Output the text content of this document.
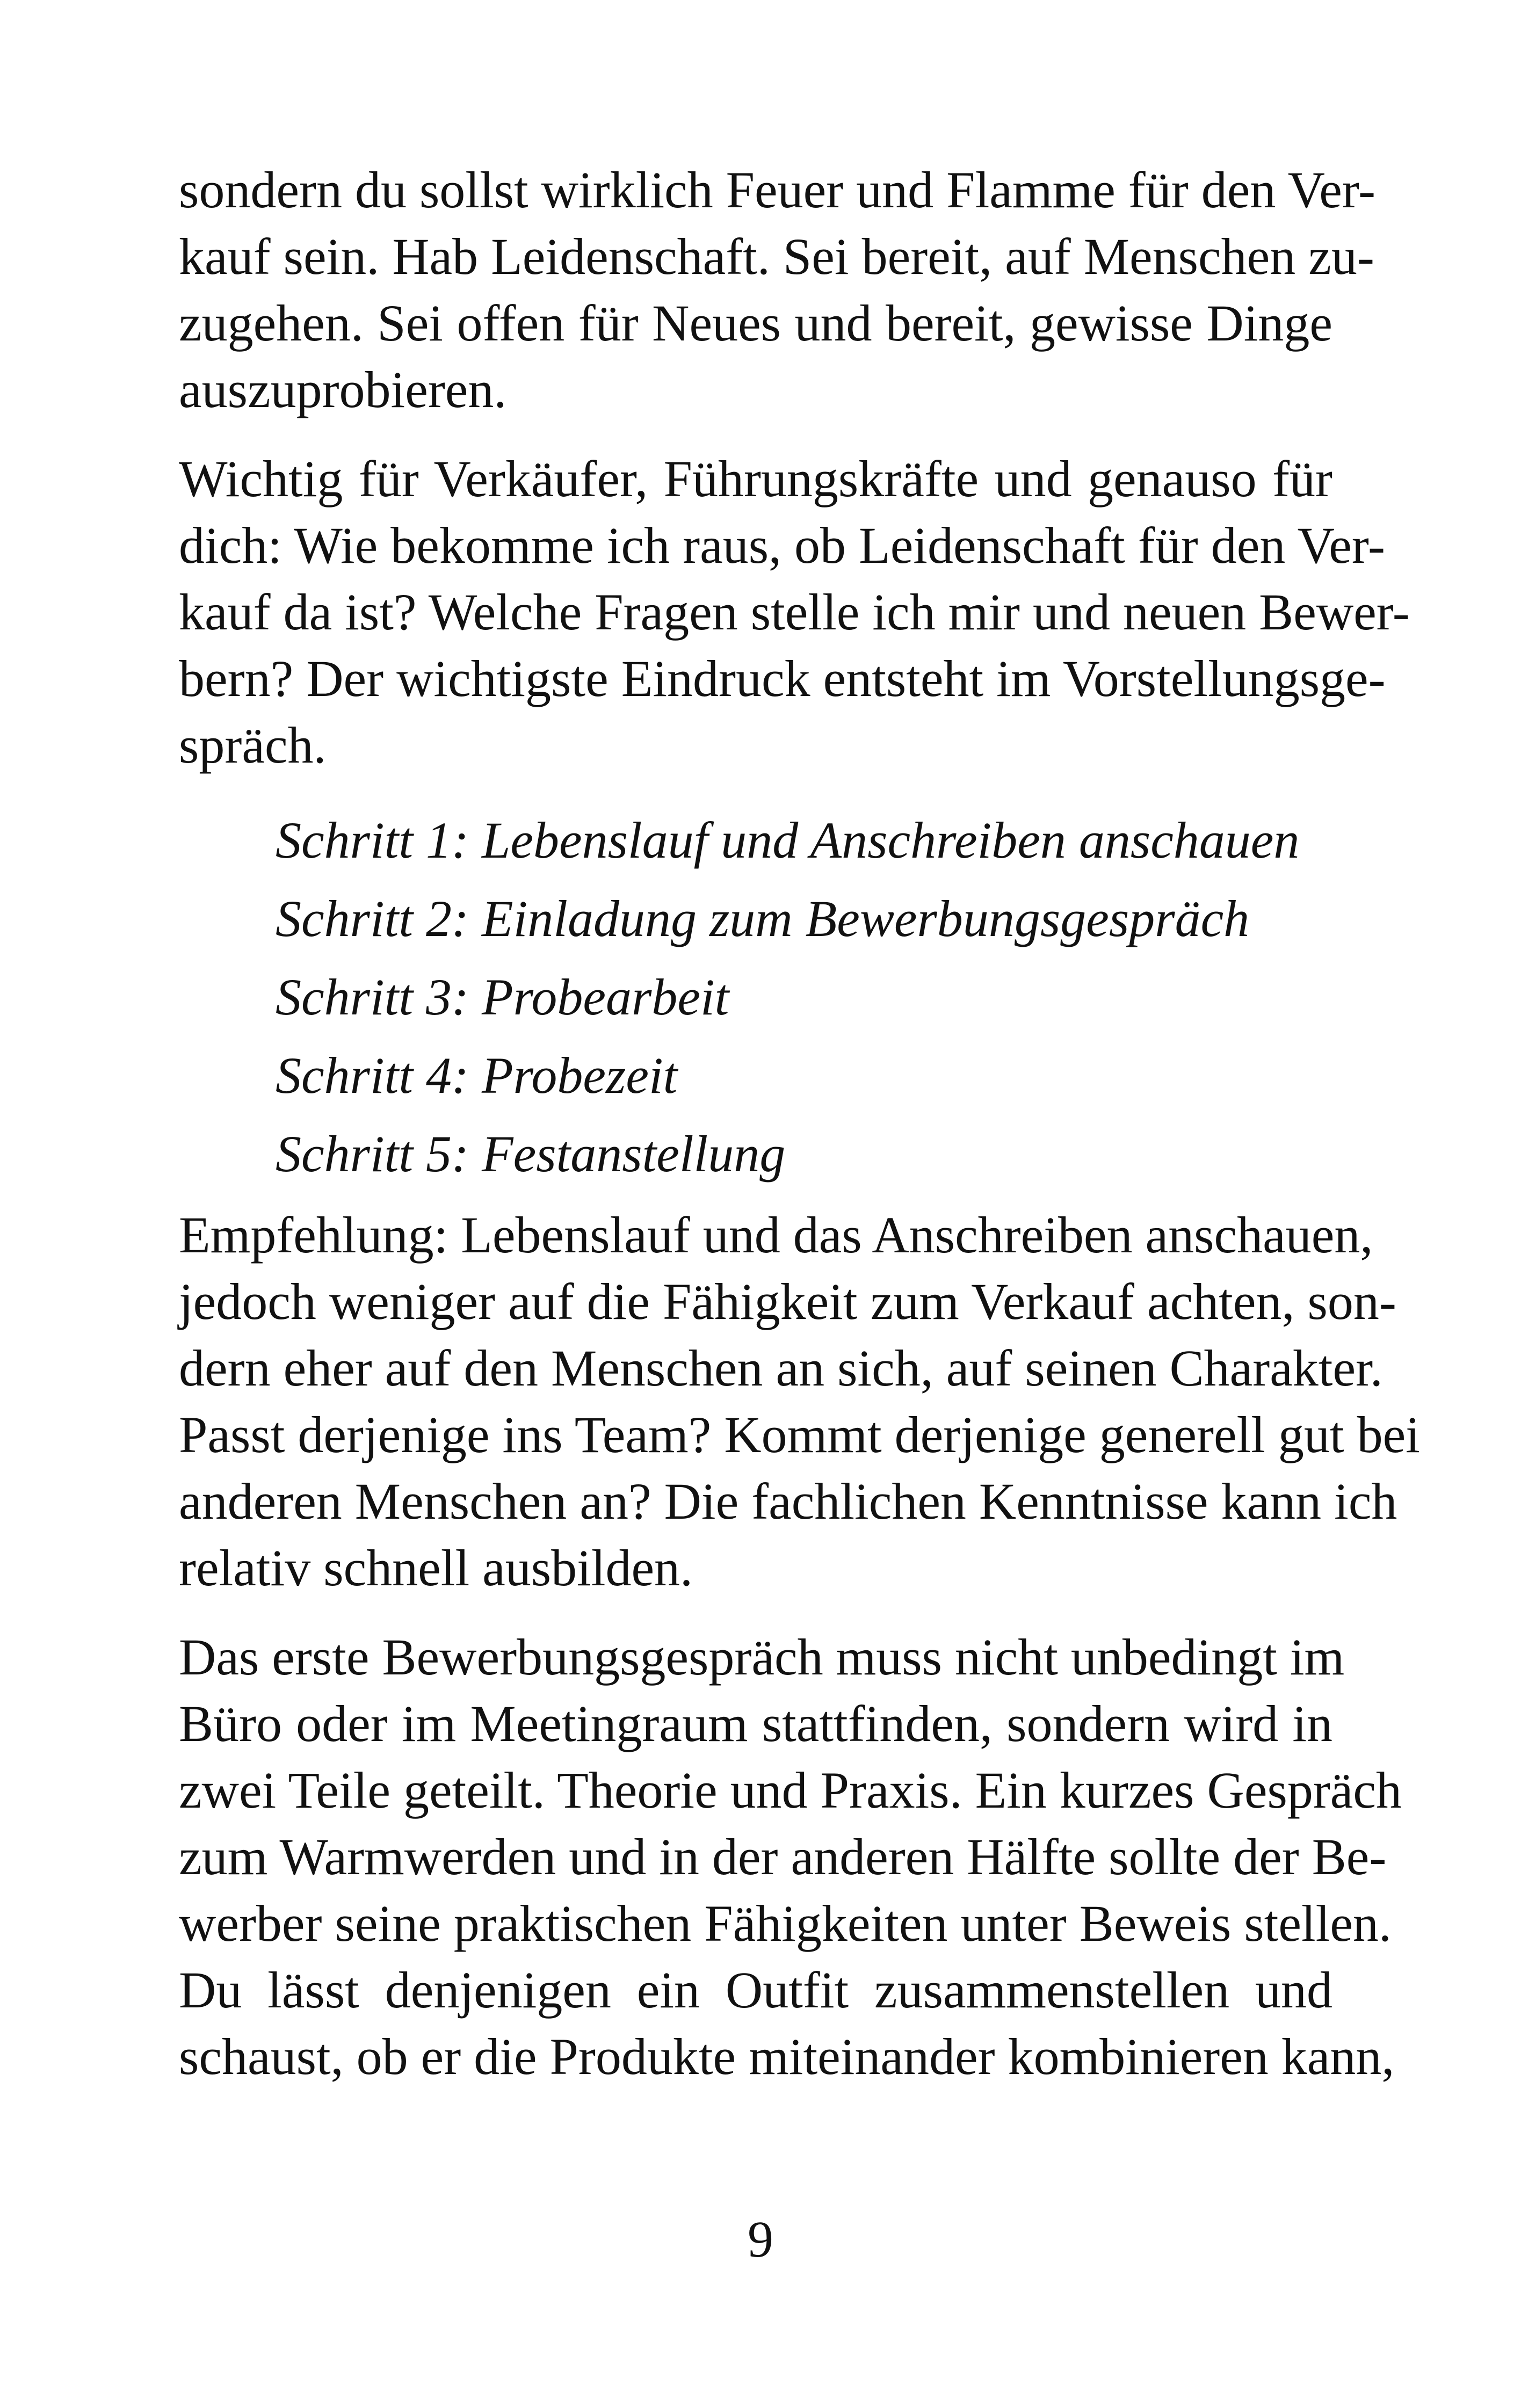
sondern du sollst wirklich Feuer und Flamme für den Ver-
kauf sein. Hab Leidenschaft. Sei bereit, auf Menschen zu-
zugehen. Sei offen für Neues und bereit, gewisse Dinge
auszuprobieren.
Wichtig für Verkäufer, Führungskräfte und genauso für
dich: Wie bekomme ich raus, ob Leidenschaft für den Ver-
kauf da ist? Welche Fragen stelle ich mir und neuen Bewer-
bern? Der wichtigste Eindruck entsteht im Vorstellungsge-
spräch.
Schritt 1: Lebenslauf und Anschreiben anschauen
Schritt 2: Einladung zum Bewerbungsgespräch
Schritt 3: Probearbeit
Schritt 4: Probezeit
Schritt 5: Festanstellung
Empfehlung: Lebenslauf und das Anschreiben anschauen,
jedoch weniger auf die Fähigkeit zum Verkauf achten, son-
dern eher auf den Menschen an sich, auf seinen Charakter.
Passt derjenige ins Team? Kommt derjenige generell gut bei
anderen Menschen an? Die fachlichen Kenntnisse kann ich
relativ schnell ausbilden.
Das erste Bewerbungsgespräch muss nicht unbedingt im
Büro oder im Meetingraum stattfinden, sondern wird in
zwei Teile geteilt. Theorie und Praxis. Ein kurzes Gespräch
zum Warmwerden und in der anderen Hälfte sollte der Be-
werber seine praktischen Fähigkeiten unter Beweis stellen.
Du lässt denjenigen ein Outfit zusammenstellen und
schaust, ob er die Produkte miteinander kombinieren kann,
9
